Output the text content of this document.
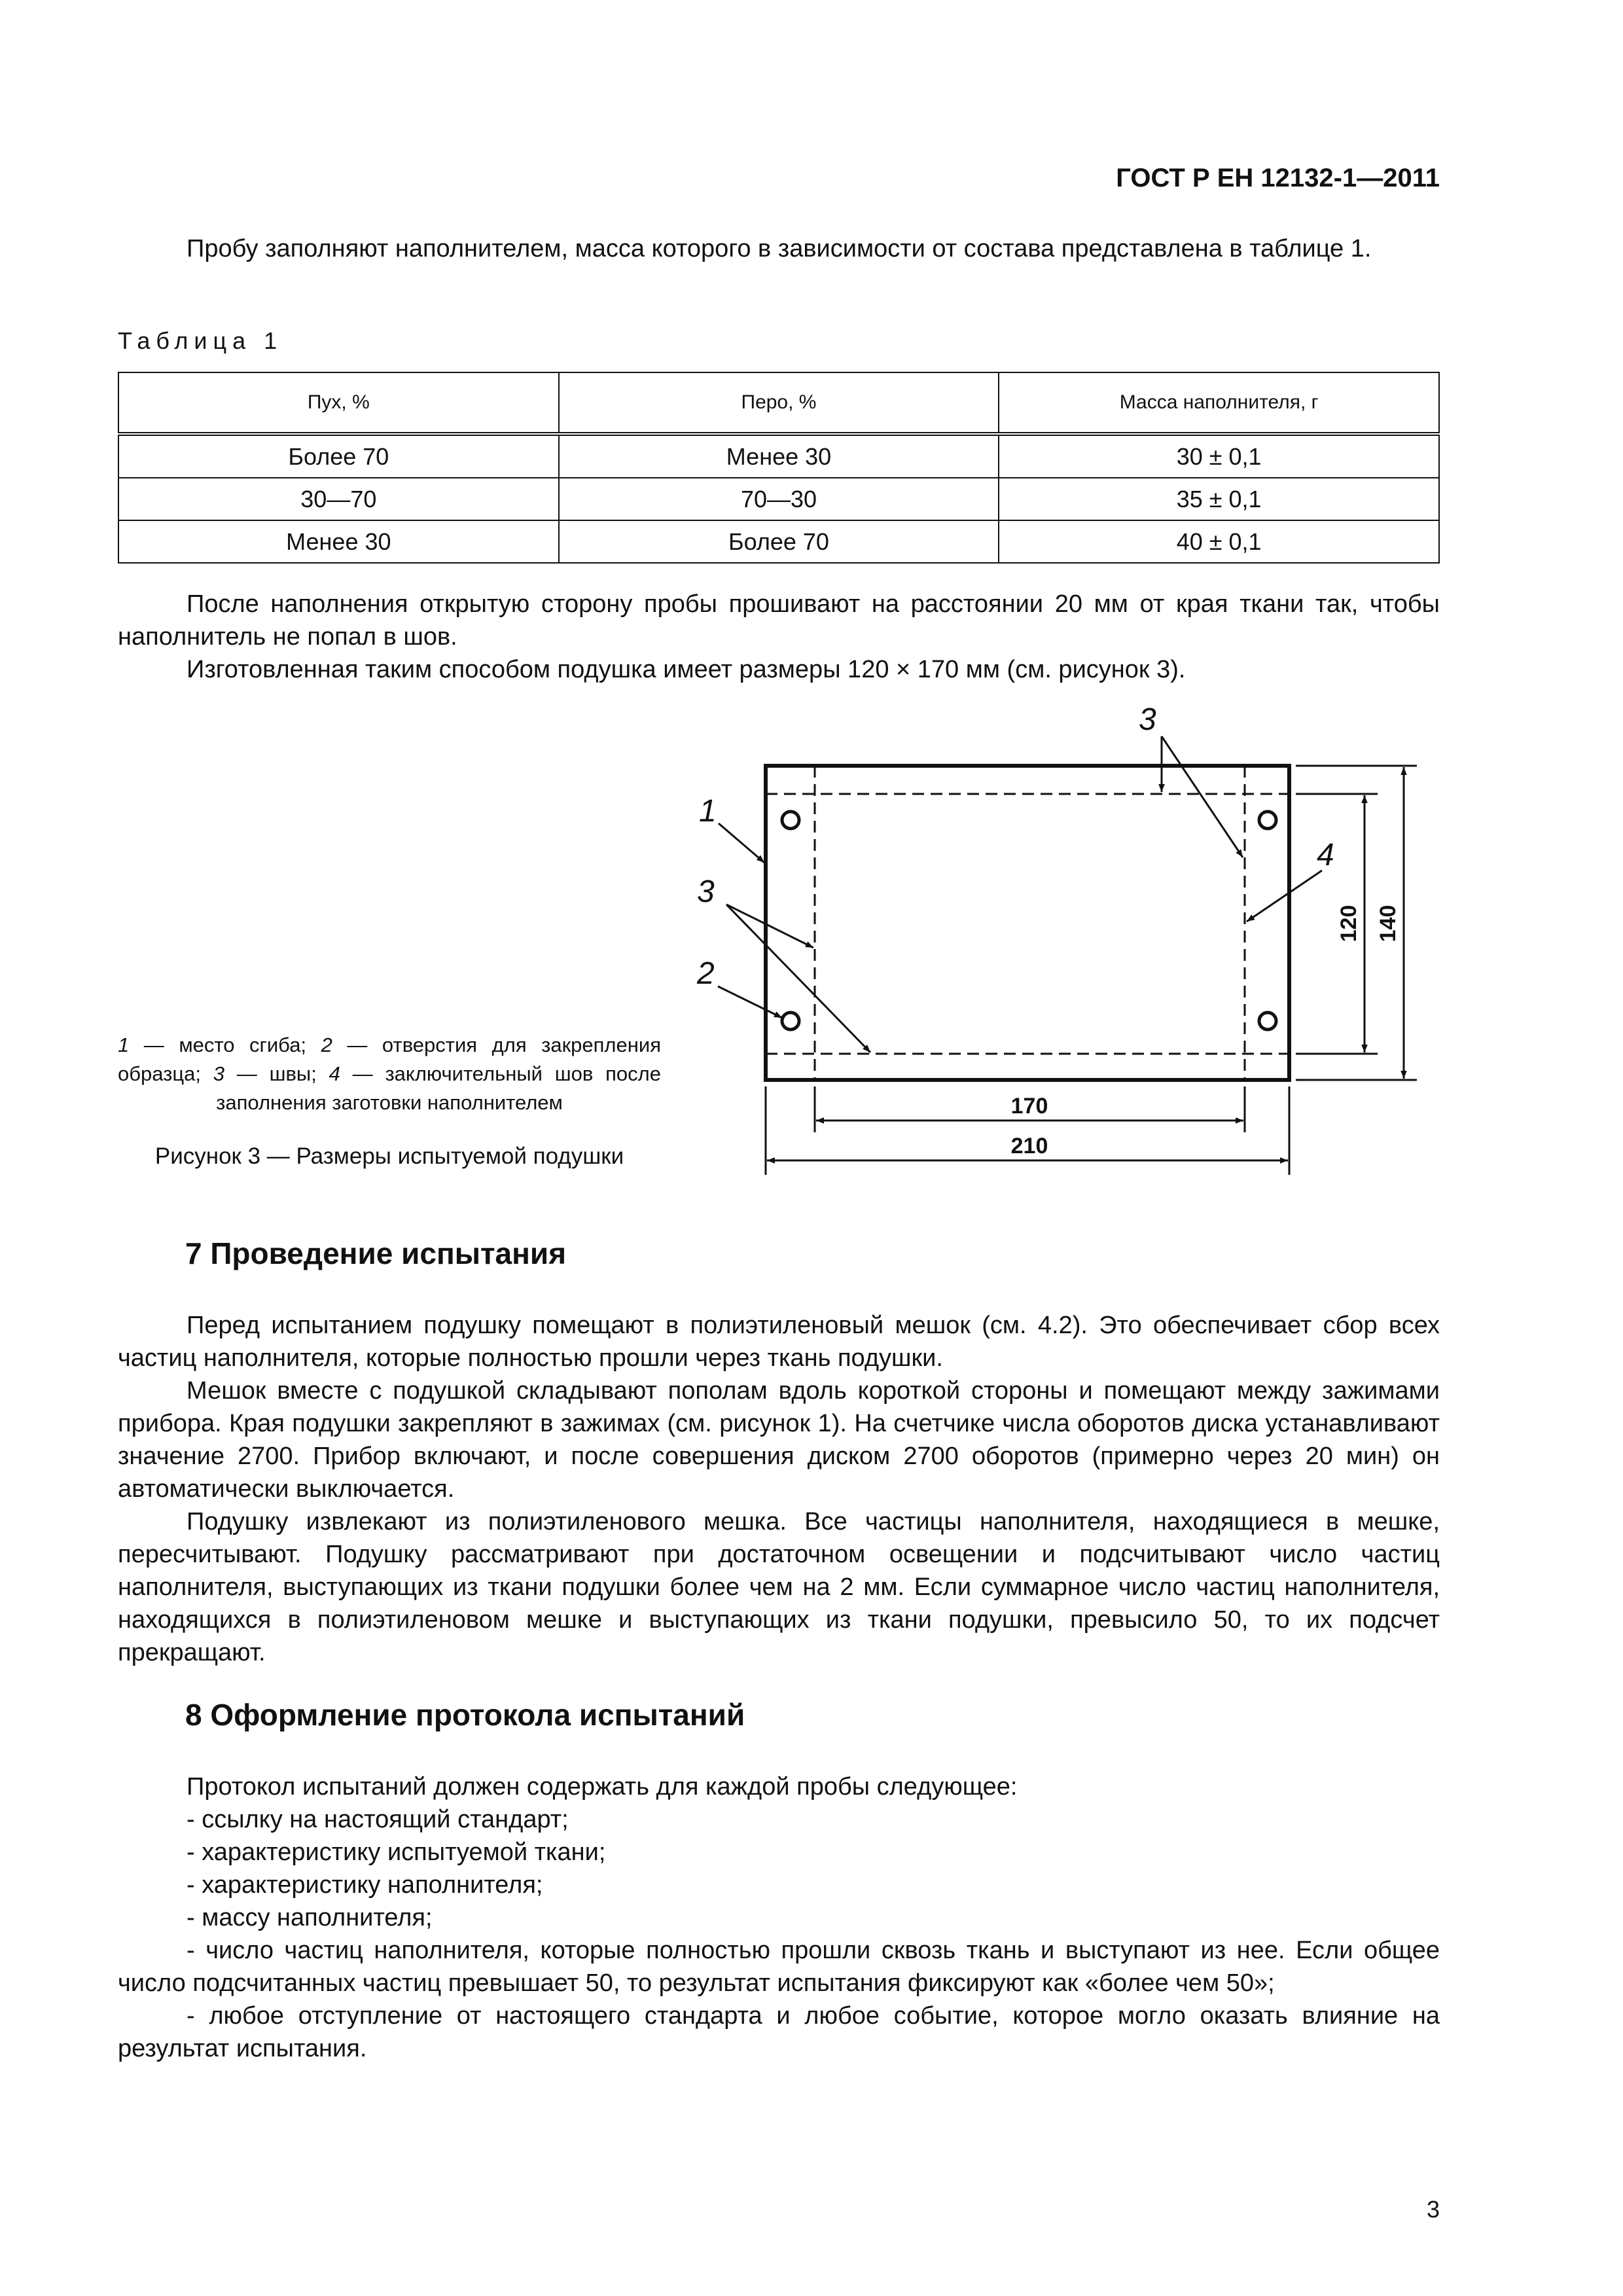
ГОСТ Р ЕН 12132-1—2011
Пробу заполняют наполнителем, масса которого в зависимости от состава представлена в таблице 1.
Таблица 1
Пух, %	Перо, %	Масса наполнителя, г
Более 70	Менее 30	30 ± 0,1
30—70	70—30	35 ± 0,1
Менее 30	Более 70	40 ± 0,1
После наполнения открытую сторону пробы прошивают на расстоянии 20 мм от края ткани так, чтобы наполнитель не попал в шов.
Изготовленная таким способом подушка имеет размеры 120 × 170 мм (см. рисунок 3).
1
3
2
3
4
170
210
120 140
1 — место сгиба; 2 — отверстия для закрепления образца; 3 — швы; 4 — заключительный шов после заполнения заготовки наполнителем
Рисунок 3 — Размеры испытуемой подушки
7 Проведение испытания
Перед испытанием подушку помещают в полиэтиленовый мешок (см. 4.2). Это обеспечивает сбор всех частиц наполнителя, которые полностью прошли через ткань подушки.
Мешок вместе с подушкой складывают пополам вдоль короткой стороны и помещают между зажимами прибора. Края подушки закрепляют в зажимах (см. рисунок 1). На счетчике числа оборотов диска устанавливают значение 2700. Прибор включают, и после совершения диском 2700 оборотов (примерно через 20 мин) он автоматически выключается.
Подушку извлекают из полиэтиленового мешка. Все частицы наполнителя, находящиеся в мешке, пересчитывают. Подушку рассматривают при достаточном освещении и подсчитывают число частиц наполнителя, выступающих из ткани подушки более чем на 2 мм. Если суммарное число частиц наполнителя, находящихся в полиэтиленовом мешке и выступающих из ткани подушки, превысило 50, то их подсчет прекращают.
8 Оформление протокола испытаний
Протокол испытаний должен содержать для каждой пробы следующее:
- ссылку на настоящий стандарт;
- характеристику испытуемой ткани;
- характеристику наполнителя;
- массу наполнителя;
- число частиц наполнителя, которые полностью прошли сквозь ткань и выступают из нее. Если общее число подсчитанных частиц превышает 50, то результат испытания фиксируют как «более чем 50»;
- любое отступление от настоящего стандарта и любое событие, которое могло оказать влияние на результат испытания.
3
